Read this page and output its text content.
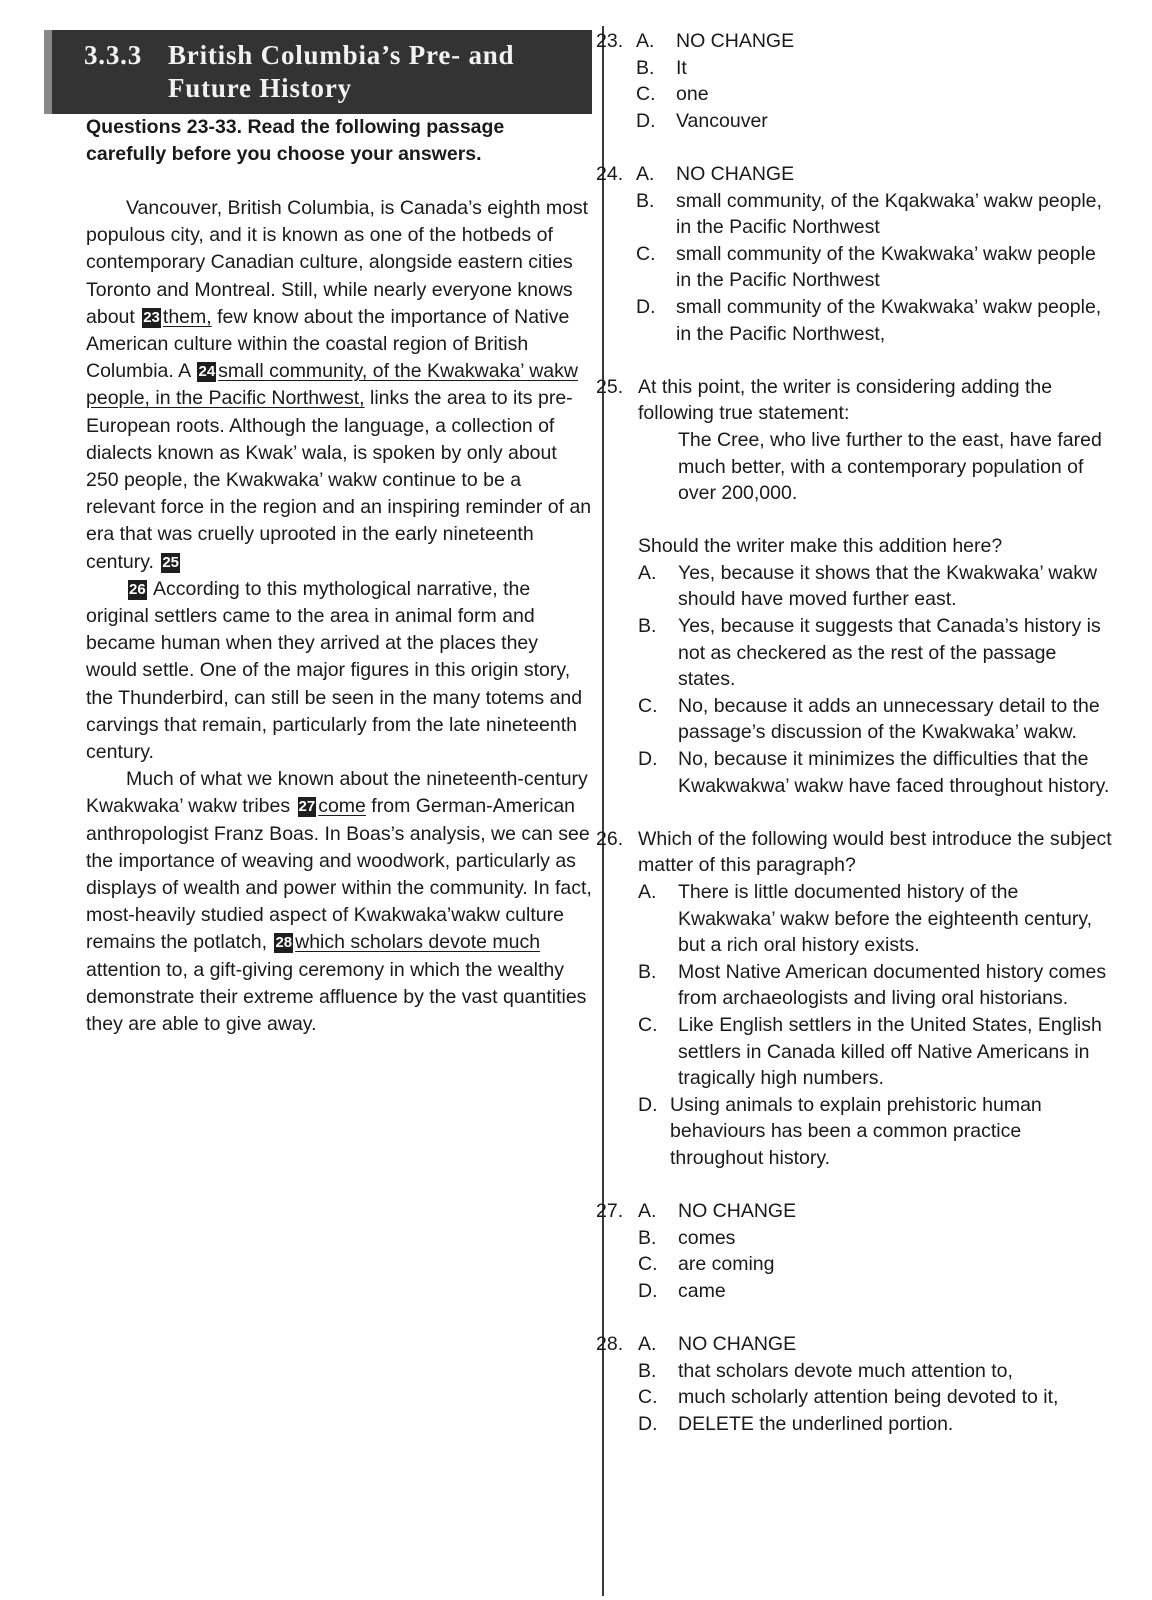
3.3.3 British Columbia’s Pre- and
Future History
Questions 23-33. Read the following passage
carefully before you choose your answers.

Vancouver, British Columbia, is Canada’s eighth most populous city, and it is known as one of the hotbeds of contemporary Canadian culture, alongside eastern cities Toronto and Montreal. Still, while nearly everyone knows about 23 them, few know about the importance of Native American culture within the coastal region of British Columbia. A 24 small community, of the Kwakwaka’ wakw people, in the Pacific Northwest, links the area to its pre-European roots. Although the language, a collection of dialects known as Kwak’ wala, is spoken by only about 250 people, the Kwakwaka’ wakw continue to be a relevant force in the region and an inspiring reminder of an era that was cruelly uprooted in the early nineteenth century. 25

26 According to this mythological narrative, the original settlers came to the area in animal form and became human when they arrived at the places they would settle. One of the major figures in this origin story, the Thunderbird, can still be seen in the many totems and carvings that remain, particularly from the late nineteenth century.

Much of what we known about the nineteenth-century Kwakwaka’ wakw tribes 27 come from German-American anthropologist Franz Boas. In Boas’s analysis, we can see the importance of weaving and woodwork, particularly as displays of wealth and power within the community. In fact, most-heavily studied aspect of Kwakwaka’wakw culture remains the potlatch, 28 which scholars devote much attention to, a gift-giving ceremony in which the wealthy demonstrate their extreme affluence by the vast quantities they are able to give away.

23. A. NO CHANGE
B. It
C. one
D. Vancouver
24. A. NO CHANGE
B. small community, of the Kqakwaka’ wakw people, in the Pacific Northwest
C. small community of the Kwakwaka’ wakw people in the Pacific Northwest
D. small community of the Kwakwaka’ wakw people, in the Pacific Northwest,
25. At this point, the writer is considering adding the following true statement:
The Cree, who live further to the east, have fared much better, with a contemporary population of over 200,000.
Should the writer make this addition here?
A. Yes, because it shows that the Kwakwaka’ wakw should have moved further east.
B. Yes, because it suggests that Canada’s history is not as checkered as the rest of the passage states.
C. No, because it adds an unnecessary detail to the passage’s discussion of the Kwakwaka’ wakw.
D. No, because it minimizes the difficulties that the Kwakwakwa’ wakw have faced throughout history.
26. Which of the following would best introduce the subject matter of this paragraph?
A. There is little documented history of the Kwakwaka’ wakw before the eighteenth century, but a rich oral history exists.
B. Most Native American documented history comes from archaeologists and living oral historians.
C. Like English settlers in the United States, English settlers in Canada killed off Native Americans in tragically high numbers.
D. Using animals to explain prehistoric human behaviours has been a common practice throughout history.
27. A. NO CHANGE
B. comes
C. are coming
D. came
28. A. NO CHANGE
B. that scholars devote much attention to,
C. much scholarly attention being devoted to it,
D. DELETE the underlined portion.
